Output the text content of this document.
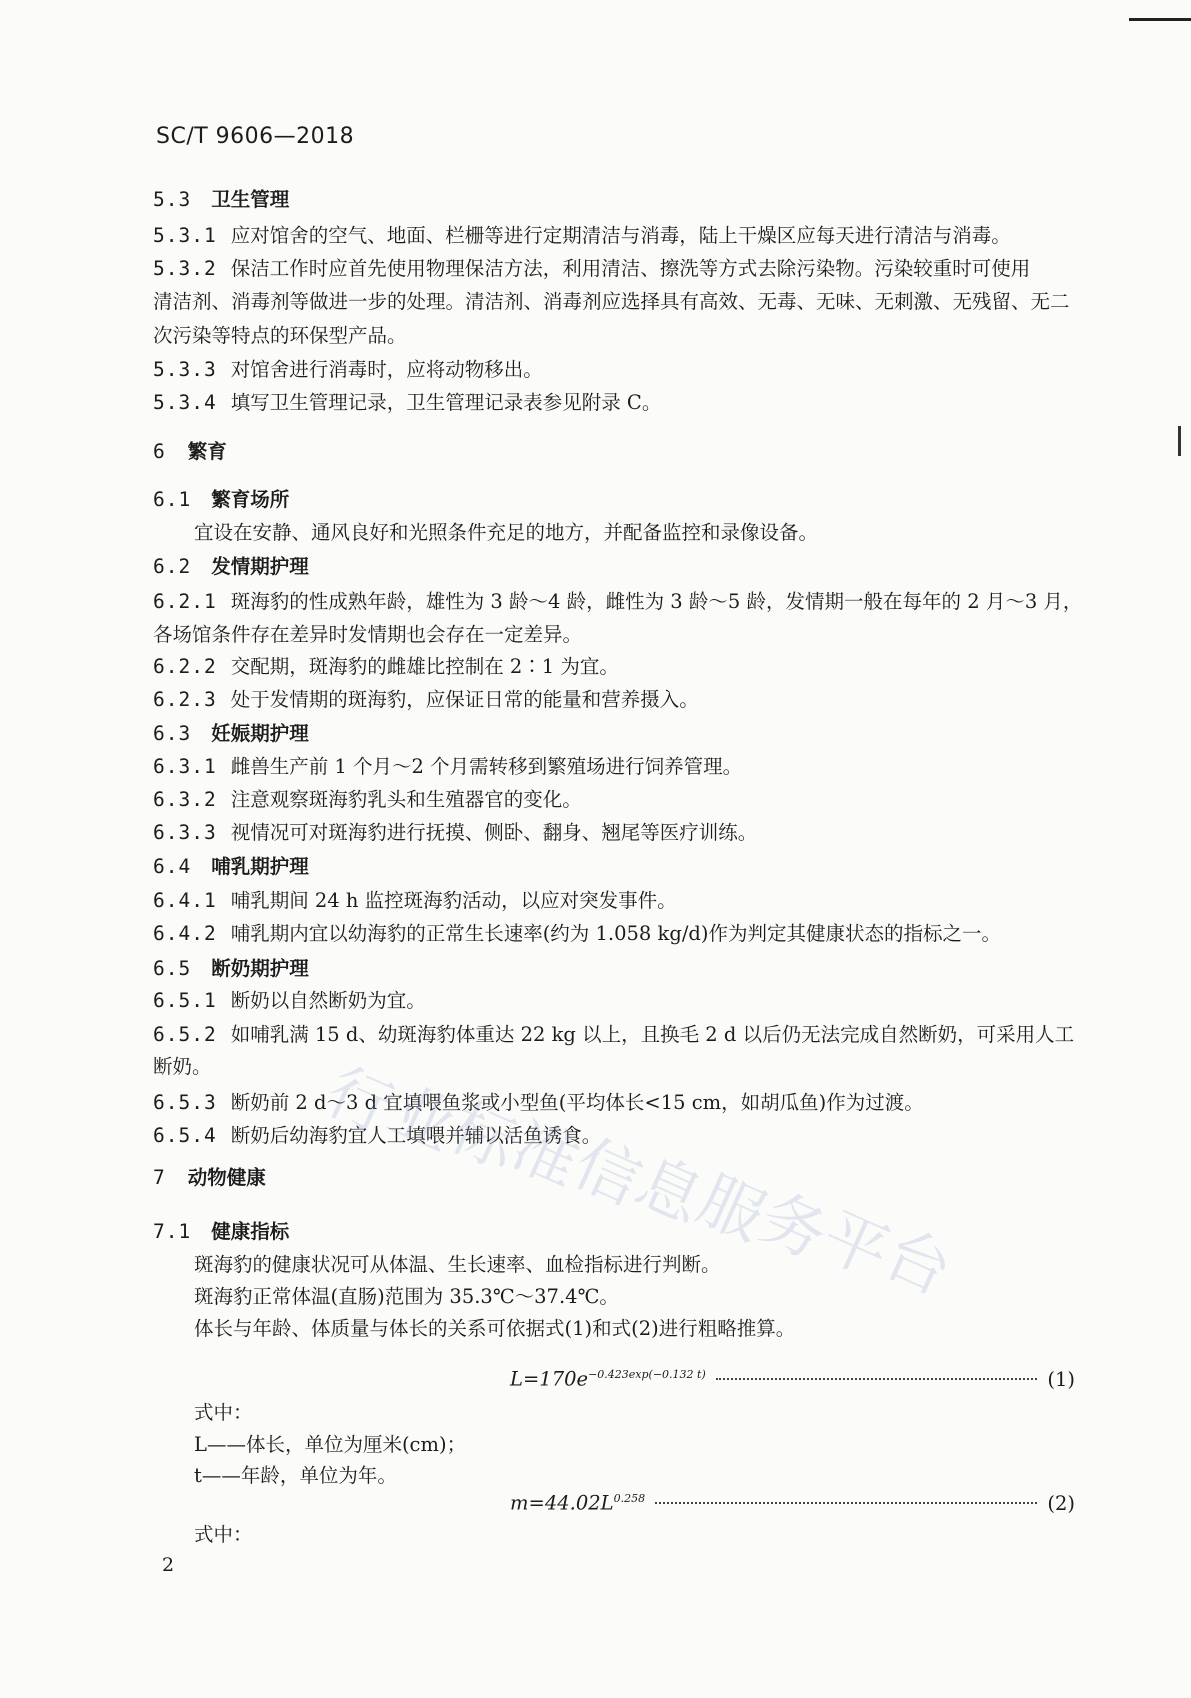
SC/T 9606—2018
5.3 卫生管理
5.3.1 应对馆舍的空气、地面、栏栅等进行定期清洁与消毒，陆上干燥区应每天进行清洁与消毒。
5.3.2 保洁工作时应首先使用物理保洁方法，利用清洁、擦洗等方式去除污染物。污染较重时可使用
清洁剂、消毒剂等做进一步的处理。清洁剂、消毒剂应选择具有高效、无毒、无味、无刺激、无残留、无二
次污染等特点的环保型产品。
5.3.3 对馆舍进行消毒时，应将动物移出。
5.3.4 填写卫生管理记录，卫生管理记录表参见附录 C。
6 繁育
6.1 繁育场所
宜设在安静、通风良好和光照条件充足的地方，并配备监控和录像设备。
6.2 发情期护理
6.2.1 斑海豹的性成熟年龄，雄性为 3 龄～4 龄，雌性为 3 龄～5 龄，发情期一般在每年的 2 月～3 月，
各场馆条件存在差异时发情期也会存在一定差异。
6.2.2 交配期，斑海豹的雌雄比控制在 2∶1 为宜。
6.2.3 处于发情期的斑海豹，应保证日常的能量和营养摄入。
6.3 妊娠期护理
6.3.1 雌兽生产前 1 个月～2 个月需转移到繁殖场进行饲养管理。
6.3.2 注意观察斑海豹乳头和生殖器官的变化。
6.3.3 视情况可对斑海豹进行抚摸、侧卧、翻身、翘尾等医疗训练。
6.4 哺乳期护理
6.4.1 哺乳期间 24 h 监控斑海豹活动，以应对突发事件。
6.4.2 哺乳期内宜以幼海豹的正常生长速率(约为 1.058 kg/d)作为判定其健康状态的指标之一。
6.5 断奶期护理
6.5.1 断奶以自然断奶为宜。
6.5.2 如哺乳满 15 d、幼斑海豹体重达 22 kg 以上，且换毛 2 d 以后仍无法完成自然断奶，可采用人工
断奶。
6.5.3 断奶前 2 d～3 d 宜填喂鱼浆或小型鱼(平均体长<15 cm，如胡瓜鱼)作为过渡。
6.5.4 断奶后幼海豹宜人工填喂并辅以活鱼诱食。
7 动物健康
7.1 健康指标
斑海豹的健康状况可从体温、生长速率、血检指标进行判断。
斑海豹正常体温(直肠)范围为 35.3℃～37.4℃。
体长与年龄、体质量与体长的关系可依据式(1)和式(2)进行粗略推算。
$L=170e^{-0.423exp(-0.132 t)}$	(1)
式中：
L——体长，单位为厘米(cm)；
t——年龄，单位为年。
$m=44.02L^{0.258}$	(2)
式中：
2
行
业
标
准
信
息
服
务
平
台
